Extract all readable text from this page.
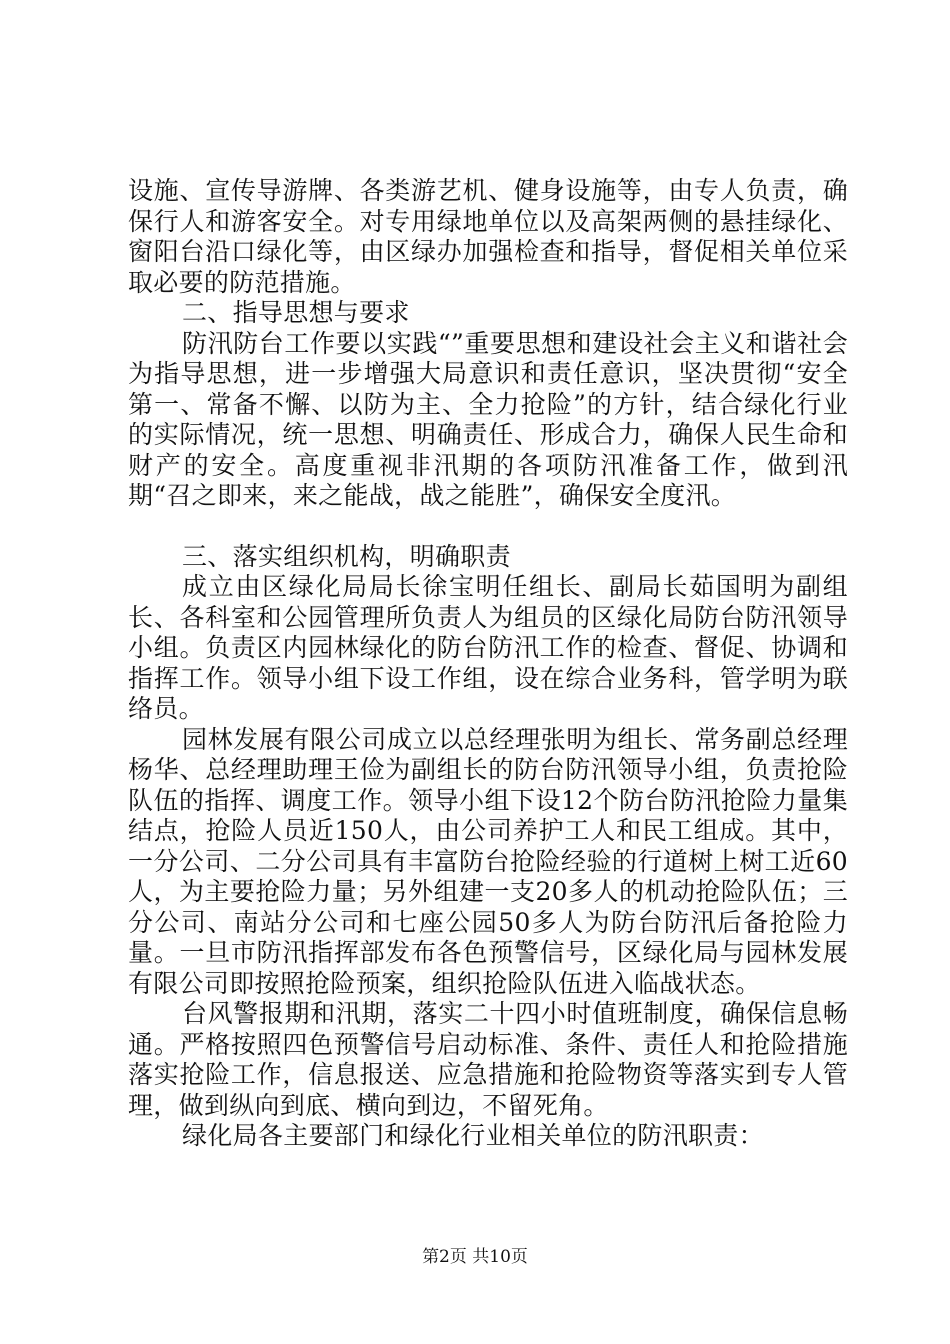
设施、宣传导游牌、各类游艺机、健身设施等，由专人负责，确保行人和游客安全。对专用绿地单位以及高架两侧的悬挂绿化、窗阳台沿口绿化等，由区绿办加强检查和指导，督促相关单位采取必要的防范措施。

二、指导思想与要求

防汛防台工作要以实践“”重要思想和建设社会主义和谐社会为指导思想，进一步增强大局意识和责任意识，坚决贯彻“安全第一、常备不懈、以防为主、全力抢险”的方针，结合绿化行业的实际情况，统一思想、明确责任、形成合力，确保人民生命和财产的安全。高度重视非汛期的各项防汛准备工作，做到汛期“召之即来，来之能战，战之能胜”，确保安全度汛。

三、落实组织机构，明确职责

成立由区绿化局局长徐宝明任组长、副局长茹国明为副组长、各科室和公园管理所负责人为组员的区绿化局防台防汛领导小组。负责区内园林绿化的防台防汛工作的检查、督促、协调和指挥工作。领导小组下设工作组，设在综合业务科，管学明为联络员。

园林发展有限公司成立以总经理张明为组长、常务副总经理杨华、总经理助理王俭为副组长的防台防汛领导小组，负责抢险队伍的指挥、调度工作。领导小组下设12个防台防汛抢险力量集结点，抢险人员近150人，由公司养护工人和民工组成。其中，一分公司、二分公司具有丰富防台抢险经验的行道树上树工近60人，为主要抢险力量；另外组建一支20多人的机动抢险队伍；三分公司、南站分公司和七座公园50多人为防台防汛后备抢险力量。一旦市防汛指挥部发布各色预警信号，区绿化局与园林发展有限公司即按照抢险预案，组织抢险队伍进入临战状态。

台风警报期和汛期，落实二十四小时值班制度，确保信息畅通。严格按照四色预警信号启动标准、条件、责任人和抢险措施落实抢险工作，信息报送、应急措施和抢险物资等落实到专人管理，做到纵向到底、横向到边，不留死角。

绿化局各主要部门和绿化行业相关单位的防汛职责：

第2页 共10页
